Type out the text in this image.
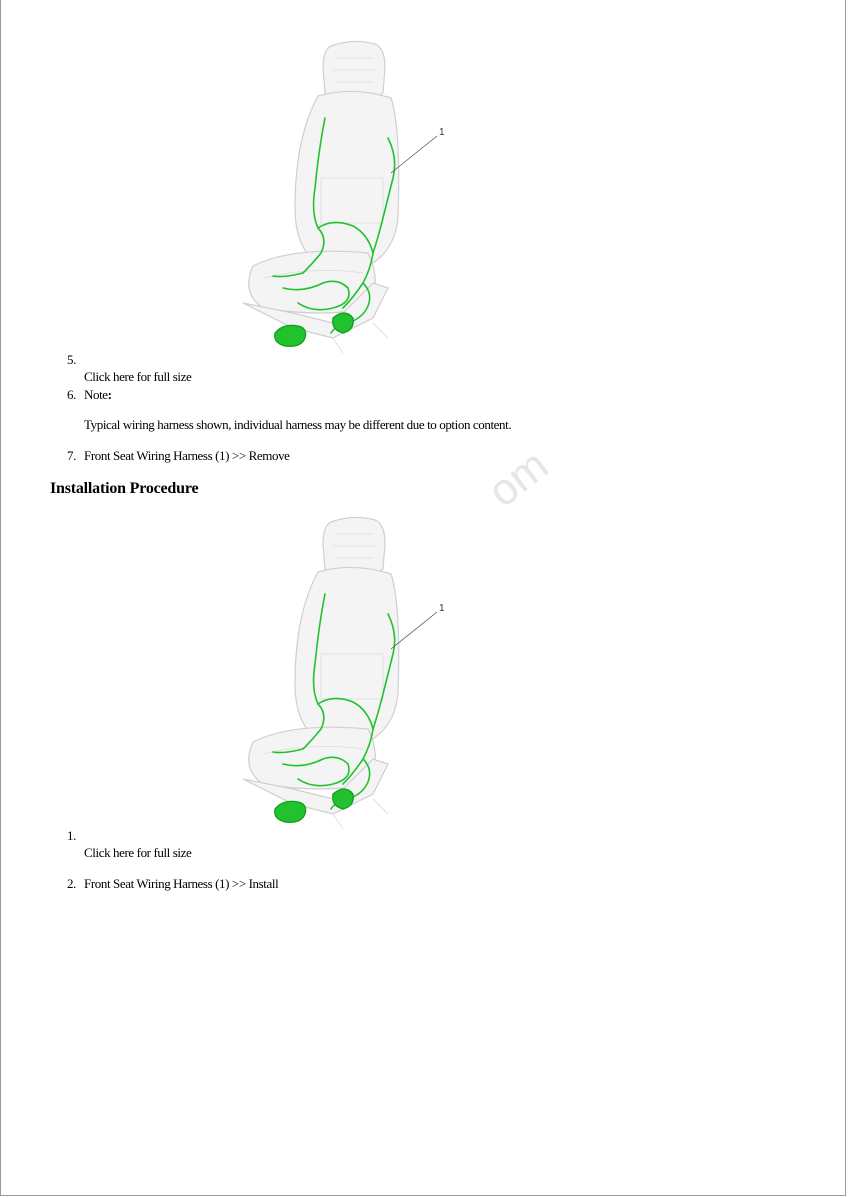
1
5.
Click here for full size
6. Note:
Typical wiring harness shown, individual harness may be different due to option content.
7. Front Seat Wiring Harness (1) >> Remove
Installation Procedure	om
1
1.
Click here for full size
2. Front Seat Wiring Harness (1) >> Install
